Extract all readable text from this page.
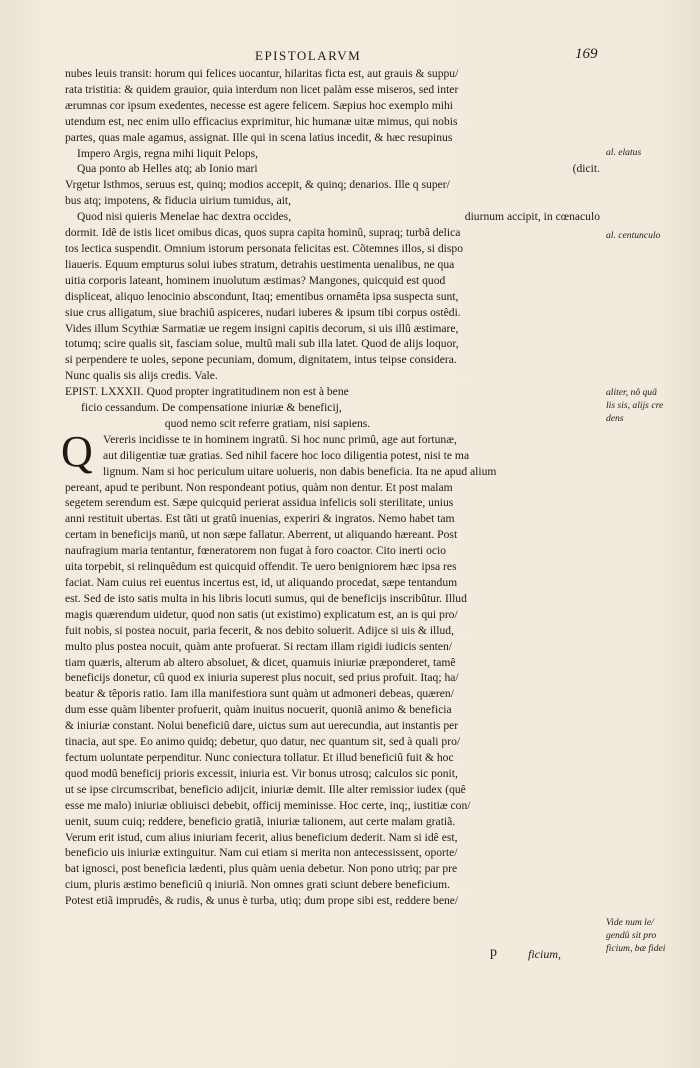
EPISTOLARVM	169
nubes leuis transit: horum qui felices uocantur, hilaritas ficta est, aut grauis & suppu/
rata tristitia: & quidem grauior, quia interdum non licet palàm esse miseros, sed inter
ærumnas cor ipsum exedentes, necesse est agere felicem. Sæpius hoc exemplo mihi
utendum est, nec enim ullo efficacius exprimitur, hic humanæ uitæ mimus, qui nobis
partes, quas male agamus, assignat. Ille qui in scena latius incedit, & hæc resupinus
Impero Argis, regna mihi liquit Pelops,
(dicit.
Qua ponto ab Helles atq; ab Ionio mari
Vrgetur Isthmos, seruus est, quinq; modios accepit, & quinq; denarios. Ille q super/
bus atq; impotens, & fiducia uirium tumidus, ait,
diurnum accipit, in cœnaculo
Quod nisi quieris Menelae hac dextra occides,
dormit. Idê de istis licet omibus dicas, quos supra capita hominû, supraq; turbâ delica
tos lectica suspendit. Omnium istorum personata felicitas est. Cõtemnes illos, si dispo
liaueris. Equum empturus solui iubes stratum, detrahis uestimenta uenalibus, ne qua
uitia corporis lateant, hominem inuolutum æstimas? Mangones, quicquid est quod
displiceat, aliquo lenocinio abscondunt, Itaq; ementibus ornamêta ipsa suspecta sunt,
siue crus alligatum, siue brachiû aspiceres, nudari iuberes & ipsum tibi corpus ostêdi.
Vides illum Scythiæ Sarmatiæ ue regem insigni capitis decorum, si uis illû æstimare,
totumq; scire qualis sit, fasciam solue, multû mali sub illa latet. Quod de alijs loquor,
si perpendere te uoles, sepone pecuniam, domum, dignitatem, intus teipse considera.
Nunc qualis sis alijs credis. Vale.
EPIST. LXXXII. Quod propter ingratitudinem non est à bene
ficio cessandum. De compensatione iniuriæ & beneficij,
quod nemo scit referre gratiam, nisi sapiens.
Q Vereris incidisse te in hominem ingratû. Si hoc nunc primû, age aut fortunæ,
aut diligentiæ tuæ gratias. Sed nihil facere hoc loco diligentia potest, nisi te ma
lignum. Nam si hoc periculum uitare uolueris, non dabis beneficia. Ita ne apud alium
pereant, apud te peribunt. Non respondeant potius, quàm non dentur. Et post malam
segetem serendum est. Sæpe quicquid perierat assidua infelicis soli sterilitate, unius
anni restituit ubertas. Est tãti ut gratû inuenias, experiri & ingratos. Nemo habet tam
certam in beneficijs manû, ut non sæpe fallatur. Aberrent, ut aliquando hæreant. Post
naufragium maria tentantur, fœneratorem non fugat à foro coactor. Cito inerti ocio
uita torpebit, si relinquêdum est quicquid offendit. Te uero benigniorem hæc ipsa res
faciat. Nam cuius rei euentus incertus est, id, ut aliquando procedat, sæpe tentandum
est. Sed de isto satis multa in his libris locuti sumus, qui de beneficijs inscribûtur. Illud
magis quærendum uidetur, quod non satis (ut existimo) explicatum est, an is qui pro/
fuit nobis, si postea nocuit, paria fecerit, & nos debito soluerit. Adijce si uis & illud,
multo plus postea nocuit, quàm ante profuerat. Si rectam illam rigidi iudicis senten/
tiam quæris, alterum ab altero absoluet, & dicet, quamuis iniuriæ præponderet, tamê
beneficijs donetur, cû quod ex iniuria superest plus nocuit, sed prius profuit. Itaq; ha/
beatur & têporis ratio. Iam illa manifestiora sunt quàm ut admoneri debeas, quæren/
dum esse quàm libenter profuerit, quàm inuitus nocuerit, quoniã animo & beneficia
& iniuriæ constant. Nolui beneficiû dare, uictus sum aut uerecundia, aut instantis per
tinacia, aut spe. Eo animo quidq; debetur, quo datur, nec quantum sit, sed à quali pro/
fectum uoluntate perpenditur. Nunc coniectura tollatur. Et illud beneficiû fuit & hoc
quod modû beneficij prioris excessit, iniuria est. Vir bonus utrosq; calculos sic ponit,
ut se ipse circumscribat, beneficio adijcit, iniuriæ demit. Ille alter remissior iudex (quê
esse me malo) iniuriæ obliuisci debebit, officij meminisse. Hoc certe, inq;, iustitiæ con/
uenit, suum cuiq; reddere, beneficio gratiã, iniuriæ talionem, aut certe malam gratiã.
Verum erit istud, cum alius iniuriam fecerit, alius beneficium dederit. Nam si idê est,
beneficio uis iniuriæ extinguitur. Nam cui etiam si merita non antecessissent, oporte/
bat ignosci, post beneficia lædenti, plus quàm uenia debetur. Non pono utriq; par pre
cium, pluris æstimo beneficiû q iniuriã. Non omnes grati sciunt debere beneficium.
Potest etiã imprudês, & rudis, & unus è turba, utiq; dum prope sibi est, reddere bene/
al. elatus
al. centunculo
aliter, nô quã
lis sis, alijs cre
dens
Vide num le/
gendû sit pro
ficium, bæ fidei
p	ficium,
